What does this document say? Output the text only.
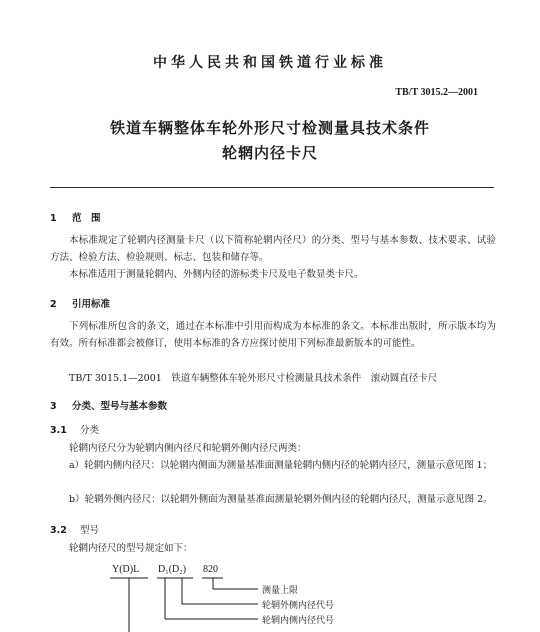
中华人民共和国铁道行业标准
TB/T 3015.2—2001
铁道车辆整体车轮外形尺寸检测量具技术条件
轮辋内径卡尺
1 范　围
本标准规定了轮辋内径测量卡尺（以下简称轮辋内径尺）的分类、型号与基本参数、技术要求、试验方法、检验方法、检验规则、标志、包装和储存等。
本标准适用于测量轮辋内、外侧内径的游标类卡尺及电子数显类卡尺。
2 引用标准
下列标准所包含的条文，通过在本标准中引用而构成为本标准的条文。本标准出版时，所示版本均为有效。所有标准都会被修订，使用本标准的各方应探讨使用下列标准最新版本的可能性。
TB/T 3015.1—2001　铁道车辆整体车轮外形尺寸检测量具技术条件　滚动圆直径卡尺
3 分类、型号与基本参数
3.1 分类
轮辋内径尺分为轮辋内侧内径尺和轮辋外侧内径尺两类：
a）轮辋内侧内径尺：以轮辋内侧面为测量基准面测量轮辋内侧内径的轮辋内径尺，测量示意见图 1；
b）轮辋外侧内径尺：以轮辋外侧面为测量基准面测量轮辋外侧内径的轮辋内径尺，测量示意见图 2。
3.2 型号
轮辋内径尺的型号规定如下：
Y(D)L D₁(D₂) 820
测量上限
轮辋外侧内径代号
轮辋内侧内径代号
